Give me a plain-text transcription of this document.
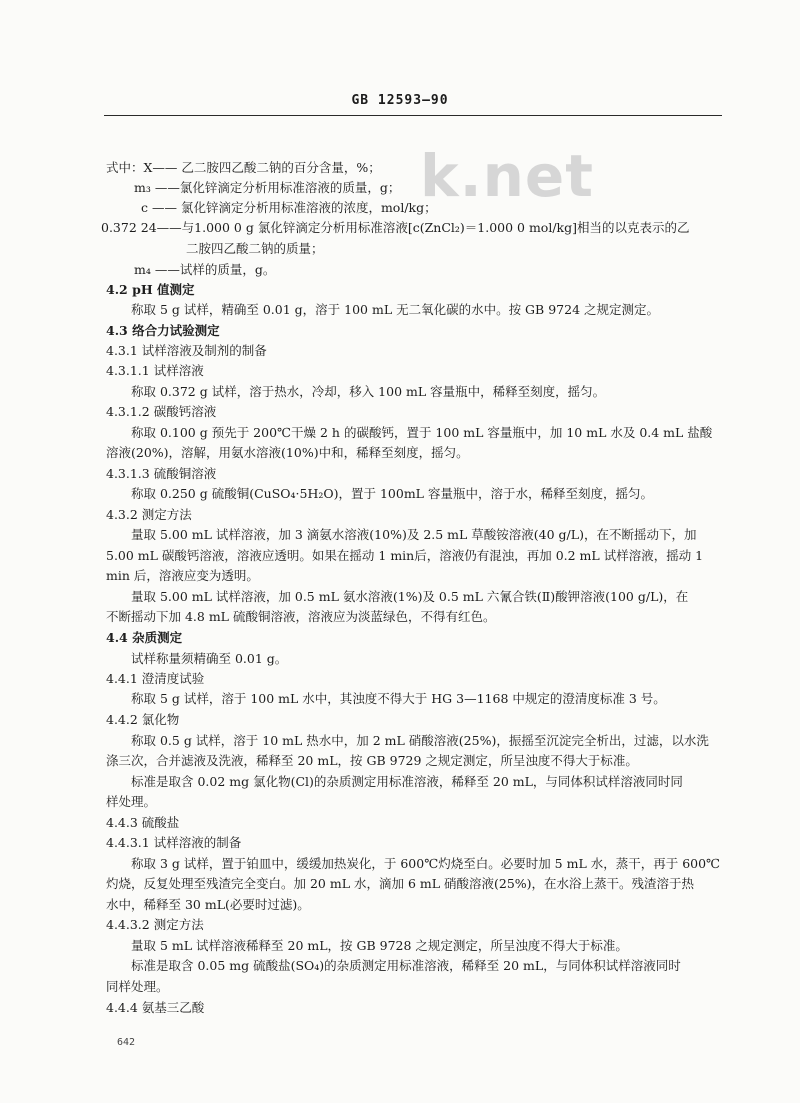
GB 12593—90
k.net
式中：X—— 乙二胺四乙酸二钠的百分含量，%；
m₃ ——氯化锌滴定分析用标准溶液的质量，g；
c —— 氯化锌滴定分析用标准溶液的浓度，mol/kg；
0.372 24——与1.000 0 g 氯化锌滴定分析用标准溶液[c(ZnCl₂)＝1.000 0 mol/kg]相当的以克表示的乙
二胺四乙酸二钠的质量；
m₄ ——试样的质量，g。
4.2 pH 值测定
称取 5 g 试样，精确至 0.01 g，溶于 100 mL 无二氧化碳的水中。按 GB 9724 之规定测定。
4.3 络合力试验测定
4.3.1 试样溶液及制剂的制备
4.3.1.1 试样溶液
称取 0.372 g 试样，溶于热水，冷却，移入 100 mL 容量瓶中，稀释至刻度，摇匀。
4.3.1.2 碳酸钙溶液
称取 0.100 g 预先于 200℃干燥 2 h 的碳酸钙，置于 100 mL 容量瓶中，加 10 mL 水及 0.4 mL 盐酸
溶液(20%)，溶解，用氨水溶液(10%)中和，稀释至刻度，摇匀。
4.3.1.3 硫酸铜溶液
称取 0.250 g 硫酸铜(CuSO₄·5H₂O)，置于 100mL 容量瓶中，溶于水，稀释至刻度，摇匀。
4.3.2 测定方法
量取 5.00 mL 试样溶液，加 3 滴氨水溶液(10%)及 2.5 mL 草酸铵溶液(40 g/L)，在不断摇动下，加
5.00 mL 碳酸钙溶液，溶液应透明。如果在摇动 1 min后，溶液仍有混浊，再加 0.2 mL 试样溶液，摇动 1
min 后，溶液应变为透明。
量取 5.00 mL 试样溶液，加 0.5 mL 氨水溶液(1%)及 0.5 mL 六氰合铁(Ⅱ)酸钾溶液(100 g/L)，在
不断摇动下加 4.8 mL 硫酸铜溶液，溶液应为淡蓝绿色，不得有红色。
4.4 杂质测定
试样称量须精确至 0.01 g。
4.4.1 澄清度试验
称取 5 g 试样，溶于 100 mL 水中，其浊度不得大于 HG 3—1168 中规定的澄清度标准 3 号。
4.4.2 氯化物
称取 0.5 g 试样，溶于 10 mL 热水中，加 2 mL 硝酸溶液(25%)，振摇至沉淀完全析出，过滤，以水洗
涤三次，合并滤液及洗液，稀释至 20 mL，按 GB 9729 之规定测定，所呈浊度不得大于标准。
标准是取含 0.02 mg 氯化物(Cl)的杂质测定用标准溶液，稀释至 20 mL，与同体积试样溶液同时同
样处理。
4.4.3 硫酸盐
4.4.3.1 试样溶液的制备
称取 3 g 试样，置于铂皿中，缓缓加热炭化，于 600℃灼烧至白。必要时加 5 mL 水，蒸干，再于 600℃
灼烧，反复处理至残渣完全变白。加 20 mL 水，滴加 6 mL 硝酸溶液(25%)，在水浴上蒸干。残渣溶于热
水中，稀释至 30 mL(必要时过滤)。
4.4.3.2 测定方法
量取 5 mL 试样溶液稀释至 20 mL，按 GB 9728 之规定测定，所呈浊度不得大于标准。
标准是取含 0.05 mg 硫酸盐(SO₄)的杂质测定用标准溶液，稀释至 20 mL，与同体积试样溶液同时
同样处理。
4.4.4 氨基三乙酸
642
